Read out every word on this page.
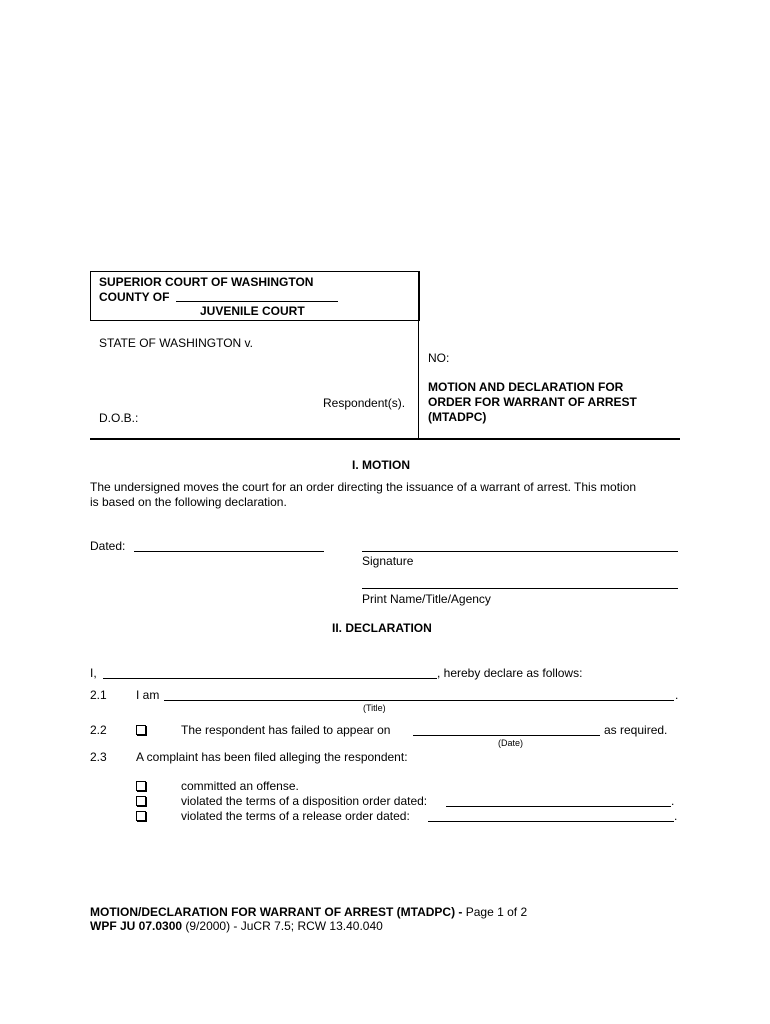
SUPERIOR COURT OF WASHINGTON
COUNTY OF
JUVENILE COURT
STATE OF WASHINGTON v.
Respondent(s).
D.O.B.:
NO:
MOTION AND DECLARATION FOR
ORDER FOR WARRANT OF ARREST
(MTADPC)
I. MOTION
The undersigned moves the court for an order directing the issuance of a warrant of arrest. This motion
is based on the following declaration.
Dated:
Signature
Print Name/Title/Agency
II. DECLARATION
I,	, hereby declare as follows:
2.1 I am	.
(Title)
2.2	The respondent has failed to appear on	as required.
(Date)
2.3 A complaint has been filed alleging the respondent:
committed an offense.
violated the terms of a disposition order dated:	.
violated the terms of a release order dated:	.
MOTION/DECLARATION FOR WARRANT OF ARREST (MTADPC) - Page 1 of 2
WPF JU 07.0300 (9/2000) - JuCR 7.5; RCW 13.40.040
